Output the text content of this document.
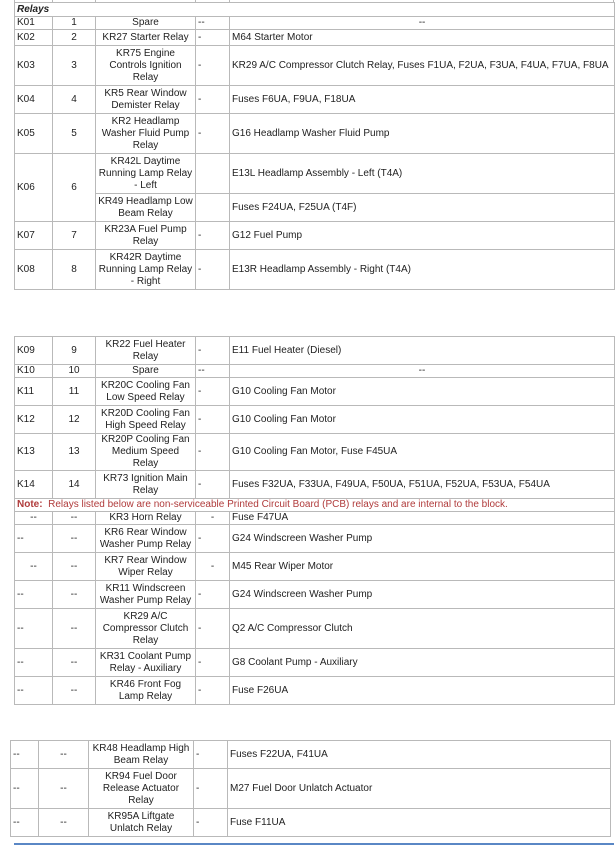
Relays				
K01	1	Spare	--	--
K02	2	KR27 Starter Relay	-	M64 Starter Motor
K03	3	KR75 Engine Controls Ignition Relay	-	KR29 A/C Compressor Clutch Relay, Fuses F1UA, F2UA, F3UA, F4UA, F7UA, F8UA
K04	4	KR5 Rear Window Demister Relay	-	Fuses F6UA, F9UA, F18UA
K05	5	KR2 Headlamp Washer Fluid Pump Relay	-	G16 Headlamp Washer Fluid Pump
K06	6	KR42L Daytime Running Lamp Relay - Left		E13L Headlamp Assembly - Left (T4A)
		KR49 Headlamp Low Beam Relay		Fuses F24UA, F25UA (T4F)
K07	7	KR23A Fuel Pump Relay	-	G12 Fuel Pump
K08	8	KR42R Daytime Running Lamp Relay - Right	-	E13R Headlamp Assembly - Right (T4A)
K09	9	KR22 Fuel Heater Relay	-	E11 Fuel Heater (Diesel)
K10	10	Spare	--	--
K11	11	KR20C Cooling Fan Low Speed Relay	-	G10 Cooling Fan Motor
K12	12	KR20D Cooling Fan High Speed Relay	-	G10 Cooling Fan Motor
K13	13	KR20P Cooling Fan Medium Speed Relay	-	G10 Cooling Fan Motor, Fuse F45UA
K14	14	KR73 Ignition Main Relay	-	Fuses F32UA, F33UA, F49UA, F50UA, F51UA, F52UA, F53UA, F54UA
Note: Relays listed below are non-serviceable Printed Circuit Board (PCB) relays and are internal to the block.				
--	--	KR3 Horn Relay	-	Fuse F47UA
--	--	KR6 Rear Window Washer Pump Relay	-	G24 Windscreen Washer Pump
--	--	KR7 Rear Window Wiper Relay	-	M45 Rear Wiper Motor
--	--	KR11 Windscreen Washer Pump Relay	-	G24 Windscreen Washer Pump
--	--	KR29 A/C Compressor Clutch Relay	-	Q2 A/C Compressor Clutch
--	--	KR31 Coolant Pump Relay - Auxiliary	-	G8 Coolant Pump - Auxiliary
--	--	KR46 Front Fog Lamp Relay	-	Fuse F26UA
--	--	KR48 Headlamp High Beam Relay	-	Fuses F22UA, F41UA
--	--	KR94 Fuel Door Release Actuator Relay	-	M27 Fuel Door Unlatch Actuator
--	--	KR95A Liftgate Unlatch Relay	-	Fuse F11UA
